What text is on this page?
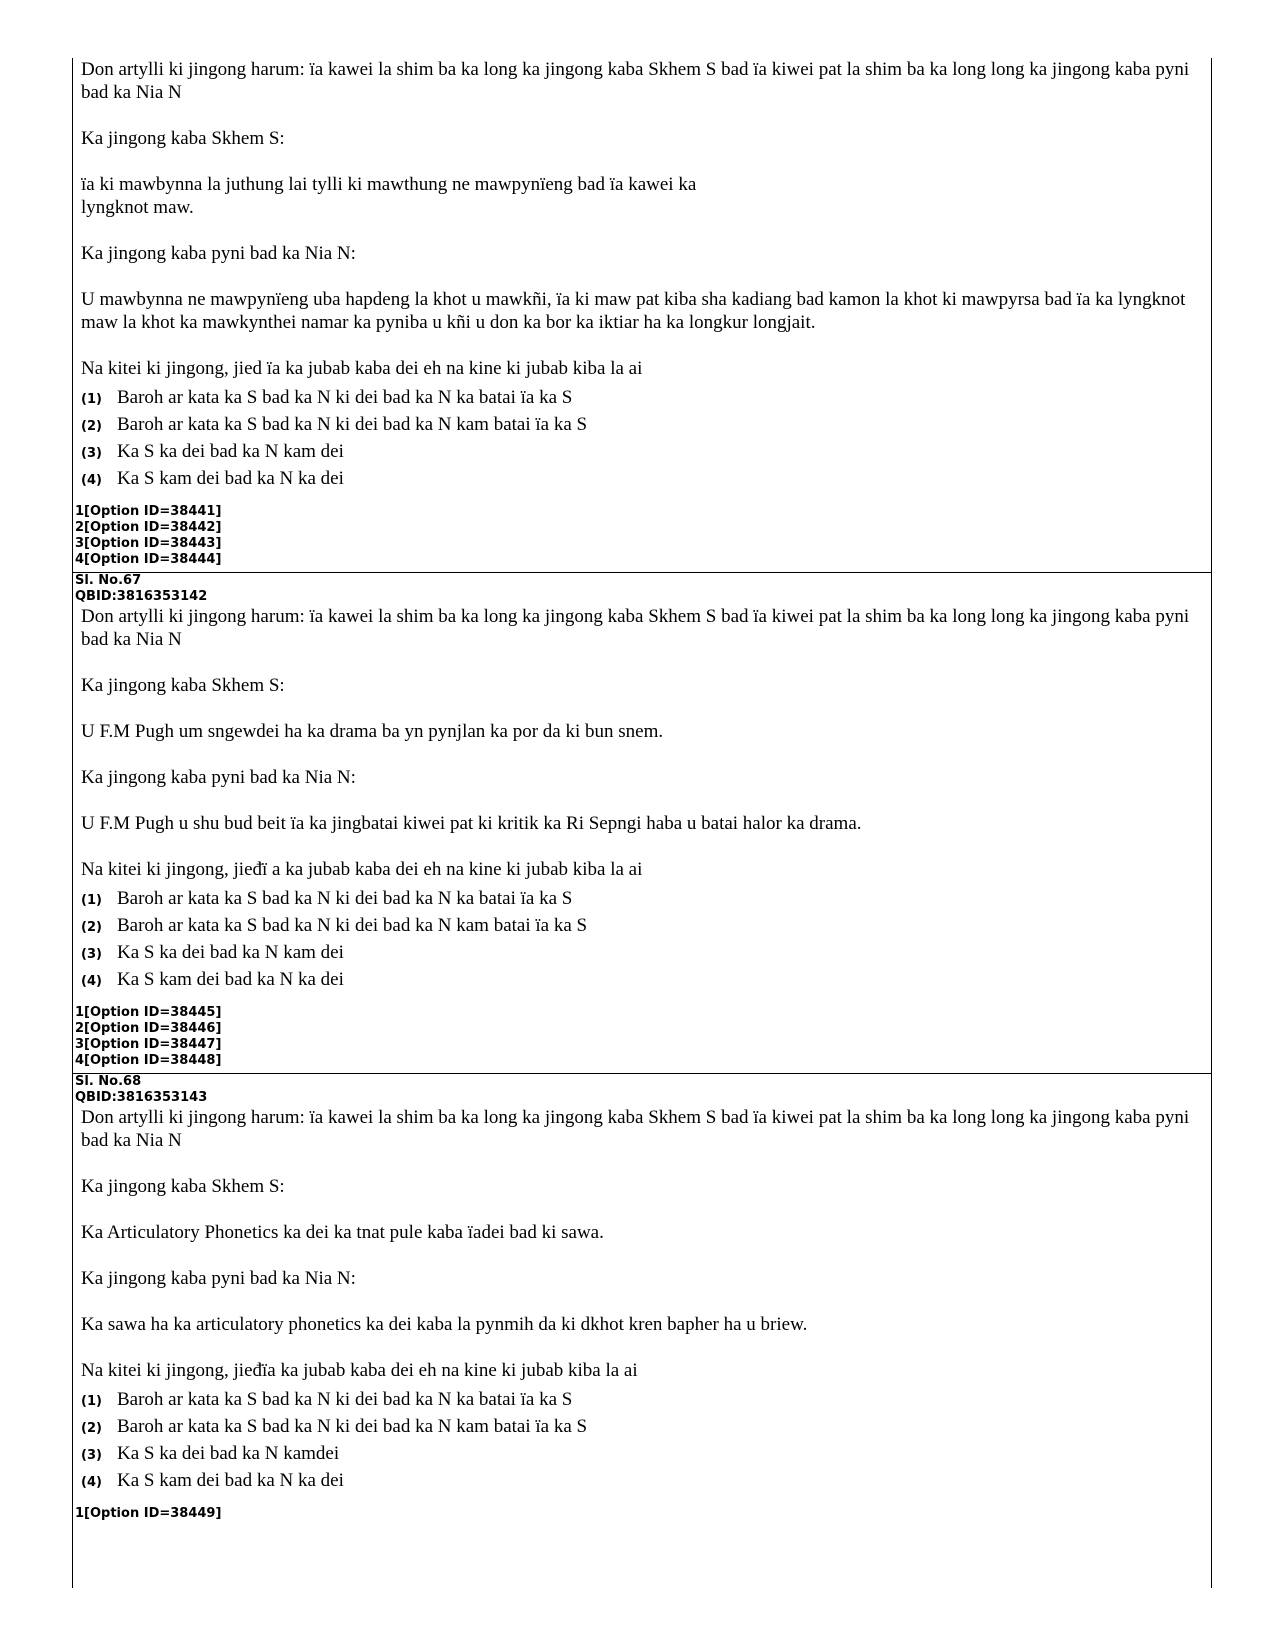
Don artylli ki jingong harum: ïa kawei la shim ba ka long ka jingong kaba Skhem S bad ïa kiwei pat la shim ba ka long long ka jingong kaba pyni bad ka Nia N

Ka jingong kaba Skhem S:

ïa ki mawbynna la juthung lai tylli ki mawthung ne mawpynïeng bad ïa kawei ka
lyngknot maw.

Ka jingong kaba pyni bad ka Nia N:

U mawbynna ne mawpynïeng uba hapdeng la khot u mawkñi, ïa ki maw pat kiba sha kadiang bad kamon la khot ki mawpyrsa bad ïa ka lyngknot maw la khot ka mawkynthei namar ka pyniba u kñi u don ka bor ka iktiar ha ka longkur longjait.

Na kitei ki jingong, jied ïa ka jubab kaba dei eh na kine ki jubab kiba la ai

(1) Baroh ar kata ka S bad ka N ki dei bad ka N ka batai ïa ka S
(2) Baroh ar kata ka S bad ka N ki dei bad ka N kam batai ïa ka S
(3) Ka S ka dei bad ka N kam dei
(4) Ka S kam dei bad ka N ka dei
1[Option ID=38441]
2[Option ID=38442]
3[Option ID=38443]
4[Option ID=38444]
Sl. No.67
QBID:3816353142

Don artylli ki jingong harum: ïa kawei la shim ba ka long ka jingong kaba Skhem S bad ïa kiwei pat la shim ba ka long long ka jingong kaba pyni bad ka Nia N

Ka jingong kaba Skhem S:

U F.M Pugh um sngewdei ha ka drama ba yn pynjlan ka por da ki bun snem.

Ka jingong kaba pyni bad ka Nia N:

U F.M Pugh u shu bud beit ïa ka jingbatai kiwei pat ki kritik ka Ri Sepngi haba u batai halor ka drama.

Na kitei ki jingong, jieđï a ka jubab kaba dei eh na kine ki jubab kiba la ai

(1) Baroh ar kata ka S bad ka N ki dei bad ka N ka batai ïa ka S
(2) Baroh ar kata ka S bad ka N ki dei bad ka N kam batai ïa ka S
(3) Ka S ka dei bad ka N kam dei
(4) Ka S kam dei bad ka N ka dei
1[Option ID=38445]
2[Option ID=38446]
3[Option ID=38447]
4[Option ID=38448]
Sl. No.68
QBID:3816353143

Don artylli ki jingong harum: ïa kawei la shim ba ka long ka jingong kaba Skhem S bad ïa kiwei pat la shim ba ka long long ka jingong kaba pyni bad ka Nia N

Ka jingong kaba Skhem S:

Ka Articulatory Phonetics ka dei ka tnat pule kaba ïadei bad ki sawa.

Ka jingong kaba pyni bad ka Nia N:

Ka sawa ha ka articulatory phonetics ka dei kaba la pynmih da ki dkhot kren bapher ha u briew.

Na kitei ki jingong, jieđïa ka jubab kaba dei eh na kine ki jubab kiba la ai

(1) Baroh ar kata ka S bad ka N ki dei bad ka N ka batai ïa ka S
(2) Baroh ar kata ka S bad ka N ki dei bad ka N kam batai ïa ka S
(3) Ka S ka dei bad ka N kamdei
(4) Ka S kam dei bad ka N ka dei
1[Option ID=38449]
